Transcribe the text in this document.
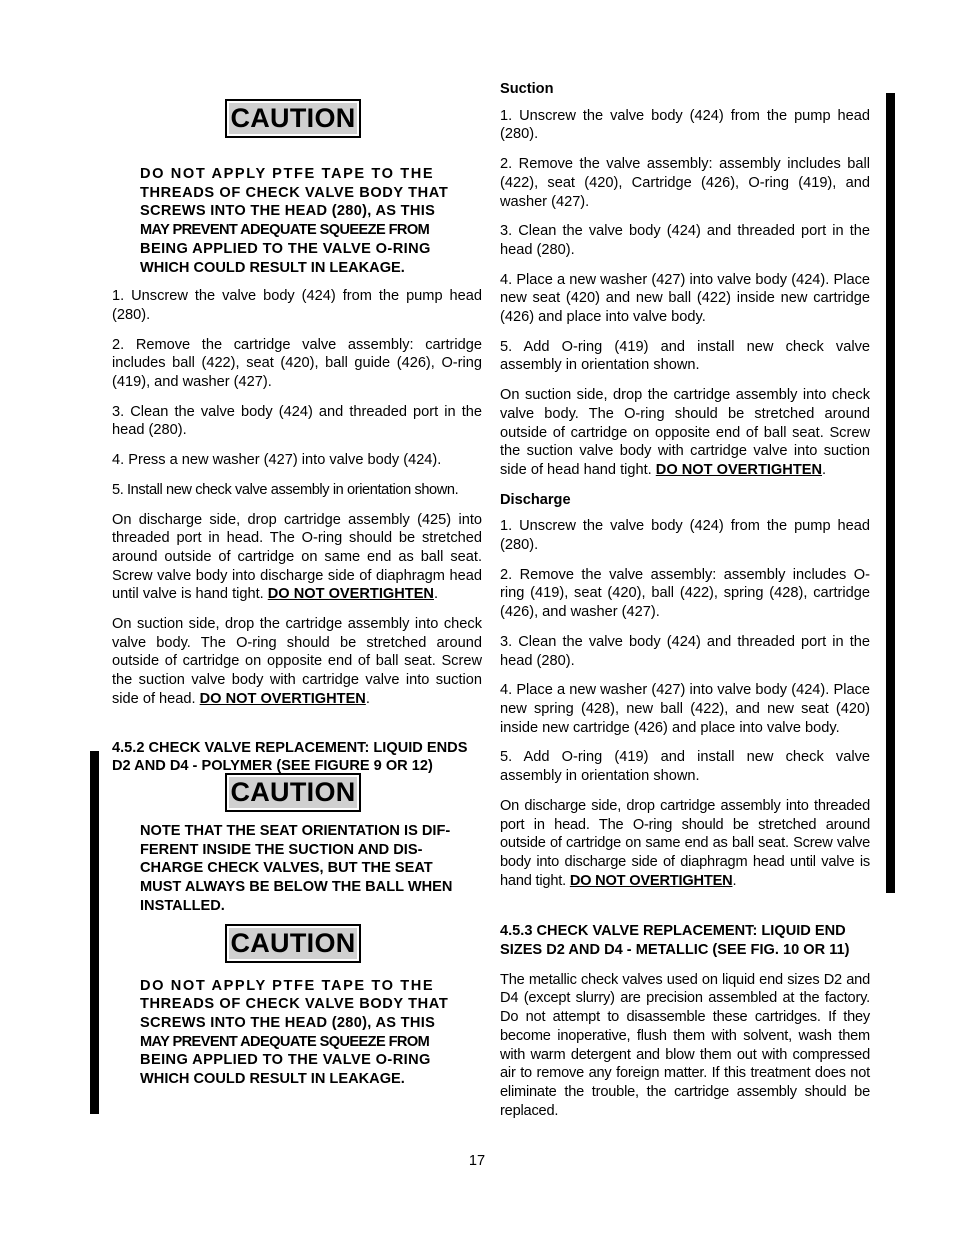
CAUTION
DO NOT APPLY PTFE TAPE TO THE
THREADS OF CHECK VALVE BODY THAT
SCREWS INTO THE HEAD (280), AS THIS
MAY PREVENT ADEQUATE SQUEEZE FROM
BEING APPLIED TO THE VALVE O-RING
WHICH COULD RESULT IN LEAKAGE.

1. Unscrew the valve body (424) from the pump head (280).

2. Remove the cartridge valve assembly: cartridge includes ball (422), seat (420), ball guide (426), O-ring (419), and washer (427).

3. Clean the valve body (424) and threaded port in the head (280).

4. Press a new washer (427) into valve body (424).

5. Install new check valve assembly in orientation shown.

On discharge side, drop cartridge assembly (425) into threaded port in head. The O-ring should be stretched around outside of cartridge on same end as ball seat. Screw valve body into discharge side of diaphragm head until valve is hand tight. DO NOT OVERTIGHTEN.

On suction side, drop the cartridge assembly into check valve body. The O-ring should be stretched around outside of cartridge on opposite end of ball seat. Screw the suction valve body with cartridge valve into suction side of head. DO NOT OVERTIGHTEN.

4.5.2 CHECK VALVE REPLACEMENT: LIQUID ENDS D2 AND D4 - POLYMER (SEE FIGURE 9 OR 12)

CAUTION
NOTE THAT THE SEAT ORIENTATION IS DIF-
FERENT INSIDE THE SUCTION AND DIS-
CHARGE CHECK VALVES, BUT THE SEAT
MUST ALWAYS BE BELOW THE BALL WHEN
INSTALLED.
CAUTION
DO NOT APPLY PTFE TAPE TO THE
THREADS OF CHECK VALVE BODY THAT
SCREWS INTO THE HEAD (280), AS THIS
MAY PREVENT ADEQUATE SQUEEZE FROM
BEING APPLIED TO THE VALVE O-RING
WHICH COULD RESULT IN LEAKAGE.

Suction

1. Unscrew the valve body (424) from the pump head (280).

2. Remove the valve assembly: assembly includes ball (422), seat (420), Cartridge (426), O-ring (419), and washer (427).

3. Clean the valve body (424) and threaded port in the head (280).

4. Place a new washer (427) into valve body (424). Place new seat (420) and new ball (422) inside new cartridge (426) and place into valve body.

5. Add O-ring (419) and install new check valve assembly in orientation shown.

On suction side, drop the cartridge assembly into check valve body. The O-ring should be stretched around outside of cartridge on opposite end of ball seat. Screw the suction valve body with cartridge valve into suction side of head hand tight. DO NOT OVERTIGHTEN.

Discharge

1. Unscrew the valve body (424) from the pump head (280).

2. Remove the valve assembly: assembly includes O-ring (419), seat (420), ball (422), spring (428), cartridge (426), and washer (427).

3. Clean the valve body (424) and threaded port in the head (280).

4. Place a new washer (427) into valve body (424). Place new spring (428), new ball (422), and new seat (420) inside new cartridge (426) and place into valve body.

5. Add O-ring (419) and install new check valve assembly in orientation shown.

On discharge side, drop cartridge assembly into threaded port in head. The O-ring should be stretched around outside of cartridge on same end as ball seat. Screw valve body into discharge side of diaphragm head until valve is hand tight. DO NOT OVERTIGHTEN.

4.5.3 CHECK VALVE REPLACEMENT: LIQUID END SIZES D2 AND D4 - METALLIC (SEE FIG. 10 OR 11)

The metallic check valves used on liquid end sizes D2 and D4 (except slurry) are precision assembled at the factory. Do not attempt to disassemble these cartridges. If they become inoperative, flush them with solvent, wash them with warm detergent and blow them out with compressed air to remove any foreign matter. If this treatment does not eliminate the trouble, the cartridge assembly should be replaced.

17
